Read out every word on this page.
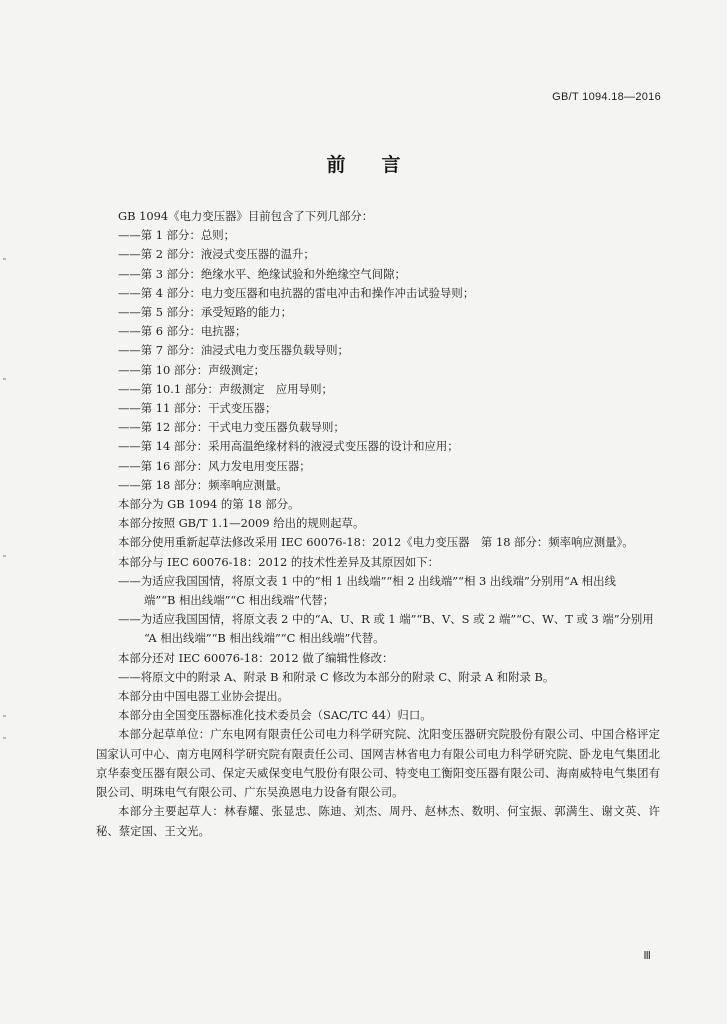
GB/T 1094.18—2016
前言

GB 1094《电力变压器》目前包含了下列几部分：

——第 1 部分：总则；

——第 2 部分：液浸式变压器的温升；

——第 3 部分：绝缘水平、绝缘试验和外绝缘空气间隙；

——第 4 部分：电力变压器和电抗器的雷电冲击和操作冲击试验导则；

——第 5 部分：承受短路的能力；

——第 6 部分：电抗器；

——第 7 部分：油浸式电力变压器负载导则；

——第 10 部分：声级测定；

——第 10.1 部分：声级测定　应用导则；

——第 11 部分：干式变压器；

——第 12 部分：干式电力变压器负载导则；

——第 14 部分：采用高温绝缘材料的液浸式变压器的设计和应用；

——第 16 部分：风力发电用变压器；

——第 18 部分：频率响应测量。

本部分为 GB 1094 的第 18 部分。

本部分按照 GB/T 1.1—2009 给出的规则起草。

本部分使用重新起草法修改采用 IEC 60076-18：2012《电力变压器　第 18 部分：频率响应测量》。

本部分与 IEC 60076-18：2012 的技术性差异及其原因如下：

——为适应我国国情，将原文表 1 中的“相 1 出线端”“相 2 出线端”“相 3 出线端”分别用“A 相出线

端”“B 相出线端”“C 相出线端”代替；

——为适应我国国情，将原文表 2 中的“A、U、R 或 1 端”“B、V、S 或 2 端”“C、W、T 或 3 端”分别用

“A 相出线端”“B 相出线端”“C 相出线端”代替。

本部分还对 IEC 60076-18：2012 做了编辑性修改：

——将原文中的附录 A、附录 B 和附录 C 修改为本部分的附录 C、附录 A 和附录 B。

本部分由中国电器工业协会提出。

本部分由全国变压器标准化技术委员会（SAC/TC 44）归口。

本部分起草单位：广东电网有限责任公司电力科学研究院、沈阳变压器研究院股份有限公司、中国合格评定国家认可中心、南方电网科学研究院有限责任公司、国网吉林省电力有限公司电力科学研究院、卧龙电气集团北京华泰变压器有限公司、保定天威保变电气股份有限公司、特变电工衡阳变压器有限公司、海南威特电气集团有限公司、明珠电气有限公司、广东吴涣恩电力设备有限公司。

本部分主要起草人：林春耀、张显忠、陈迪、刘杰、周丹、赵林杰、数明、何宝振、郭满生、谢文英、许秘、蔡定国、王文光。

Ⅲ
